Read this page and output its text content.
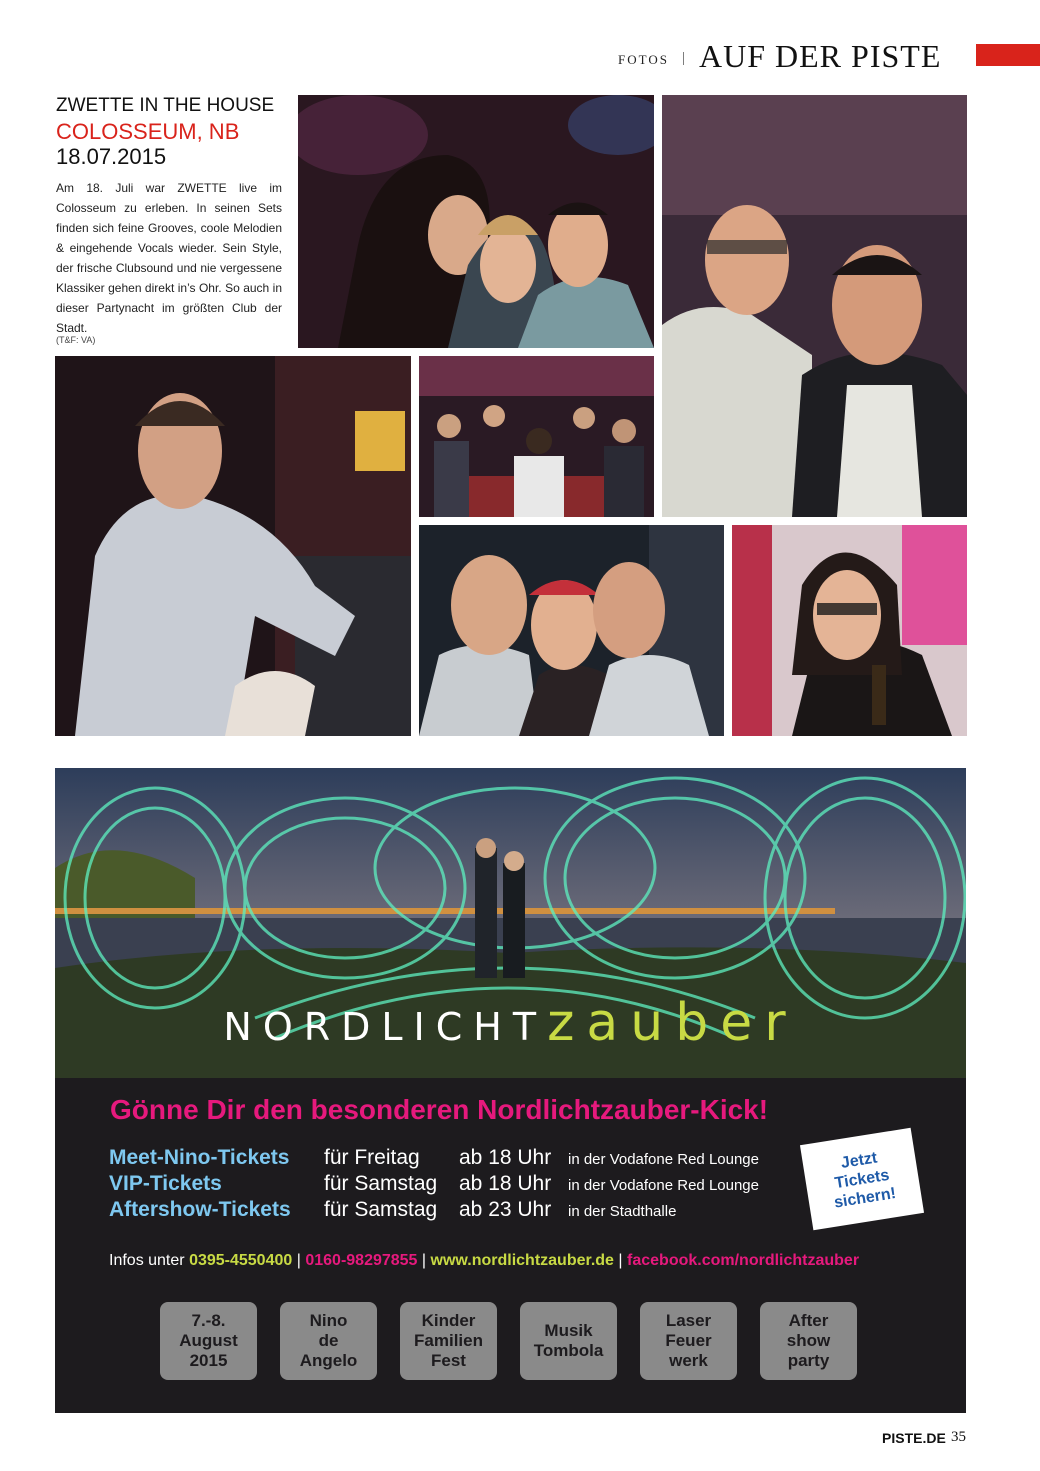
FOTOS | AUF DER PISTE
ZWETTE IN THE HOUSE
COLOSSEUM, NB
18.07.2015
Am 18. Juli war ZWETTE live im Colosseum zu erleben. In seinen Sets finden sich feine Grooves, coole Melodien & eingehende Vocals wieder. Sein Style, der frische Clubsound und nie vergessene Klassiker gehen direkt in’s Ohr. So auch in dieser Partynacht im größten Club der Stadt.
(T&F: VA)
NORDLICHTzauber
Gönne Dir den besonderen Nordlichtzauber-Kick!
Meet-Nino-Tickets für Freitag ab 18 Uhr in der Vodafone Red Lounge
VIP-Tickets	für Samstag ab 18 Uhr in der Vodafone Red Lounge
Aftershow-Tickets für Samstag ab 23 Uhr in der Stadthalle
Jetzt
Tickets
sichern!
Infos unter 0395-4550400 | 0160-98297855 | www.nordlichtzauber.de | facebook.com/nordlichtzauber
7.-8.
August
2015
Nino
de
Angelo
Kinder
Familien
Fest
Musik
Tombola
Laser
Feuer
werk
After
show
party
PISTE.DE 35
